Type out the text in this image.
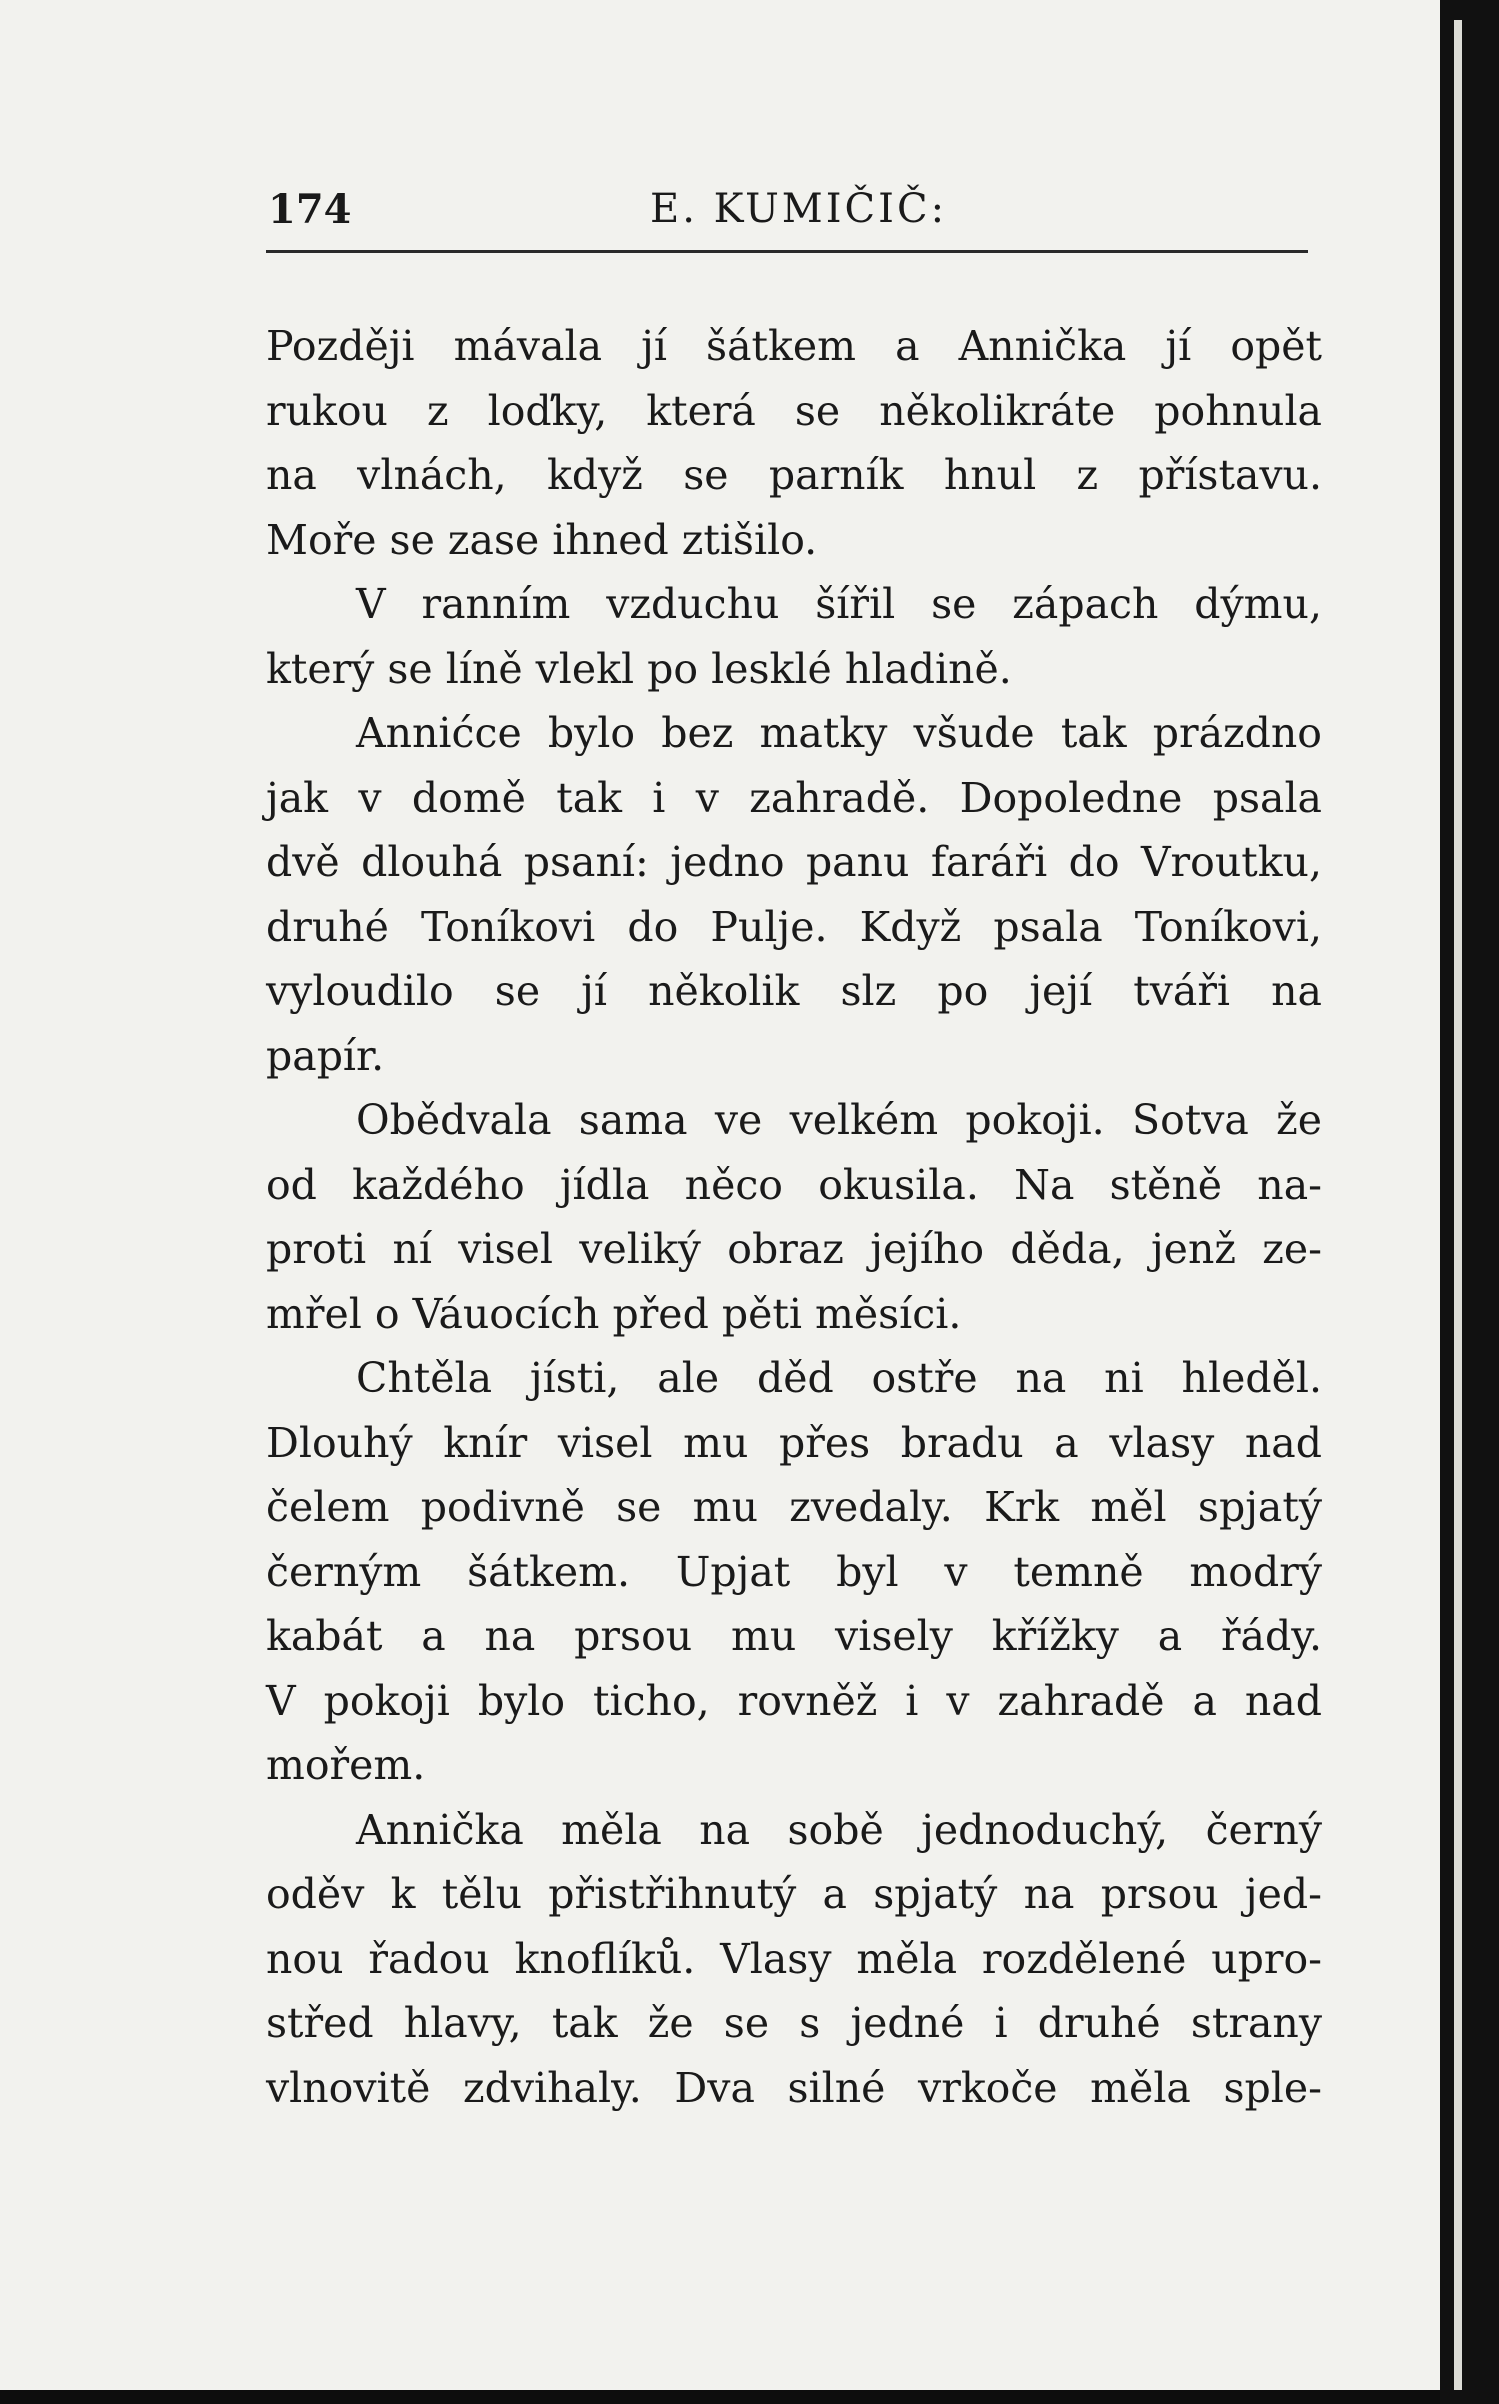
174	E. KUMIČIČ:
Později mávala jí šátkem a Annička jí opět
rukou z loďky, která se několikráte pohnula
na vlnách, když se parník hnul z přístavu.
Moře se zase ihned ztišilo.
V ranním vzduchu šířil se zápach dýmu,
který se líně vlekl po lesklé hladině.
Annićce bylo bez matky všude tak prázdno
jak v domě tak i v zahradě. Dopoledne psala
dvě dlouhá psaní: jedno panu faráři do Vroutku,
druhé Toníkovi do Pulje. Když psala Toníkovi,
vyloudilo se jí několik slz po její tváři na
papír.
Obědvala sama ve velkém pokoji. Sotva že
od každého jídla něco okusila. Na stěně na-
proti ní visel veliký obraz jejího děda, jenž ze-
mřel o Váuocích před pěti měsíci.
Chtěla jísti, ale děd ostře na ni hleděl.
Dlouhý knír visel mu přes bradu a vlasy nad
čelem podivně se mu zvedaly. Krk měl spjatý
černým šátkem. Upjat byl v temně modrý
kabát a na prsou mu visely křížky a řády.
V pokoji bylo ticho, rovněž i v zahradě a nad
mořem.
Annička měla na sobě jednoduchý, černý
oděv k tělu přistřihnutý a spjatý na prsou jed-
nou řadou knoflíků. Vlasy měla rozdělené upro-
střed hlavy, tak že se s jedné i druhé strany
vlnovitě zdvihaly. Dva silné vrkoče měla sple-
